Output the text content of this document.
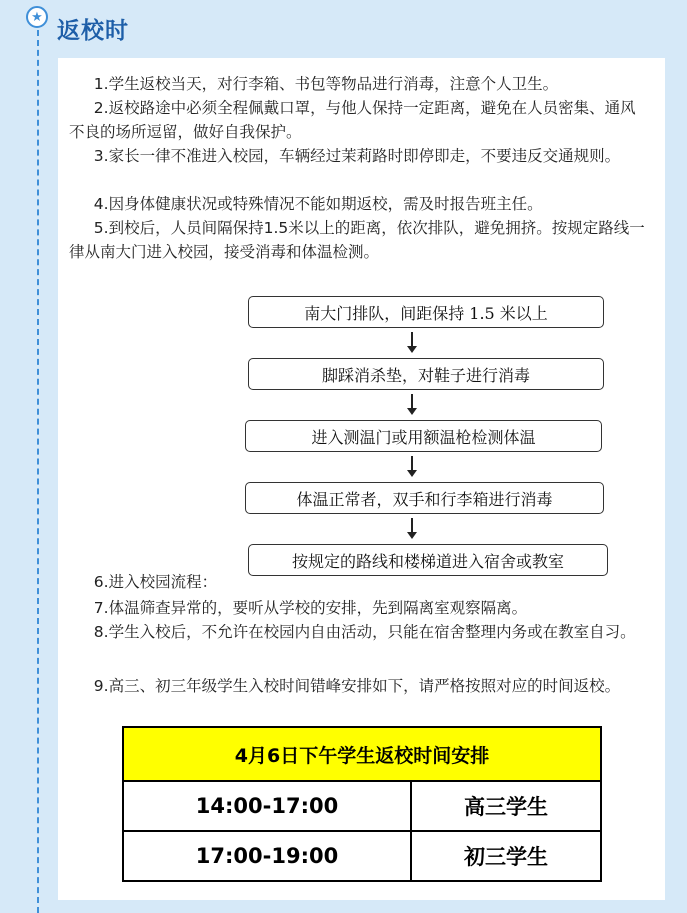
★
返校时

1.学生返校当天，对行李箱、书包等物品进行消毒，注意个人卫生。

2.返校路途中必须全程佩戴口罩，与他人保持一定距离，避免在人员密集、通风不良的场所逗留，做好自我保护。

3.家长一律不准进入校园，车辆经过茉莉路时即停即走，不要违反交通规则。

4.因身体健康状况或特殊情况不能如期返校，需及时报告班主任。

5.到校后，人员间隔保持1.5米以上的距离，依次排队，避免拥挤。按规定路线一律从南大门进入校园，接受消毒和体温检测。

南大门排队，间距保持 1.5 米以上
脚踩消杀垫，对鞋子进行消毒
进入测温门或用额温枪检测体温
体温正常者，双手和行李箱进行消毒
按规定的路线和楼梯道进入宿舍或教室

6.进入校园流程：

7.体温筛查异常的，要听从学校的安排，先到隔离室观察隔离。

8.学生入校后，不允许在校园内自由活动，只能在宿舍整理内务或在教室自习。

9.高三、初三年级学生入校时间错峰安排如下，请严格按照对应的时间返校。

4月6日下午学生返校时间安排
14:00-17:00	高三学生
17:00-19:00	初三学生
